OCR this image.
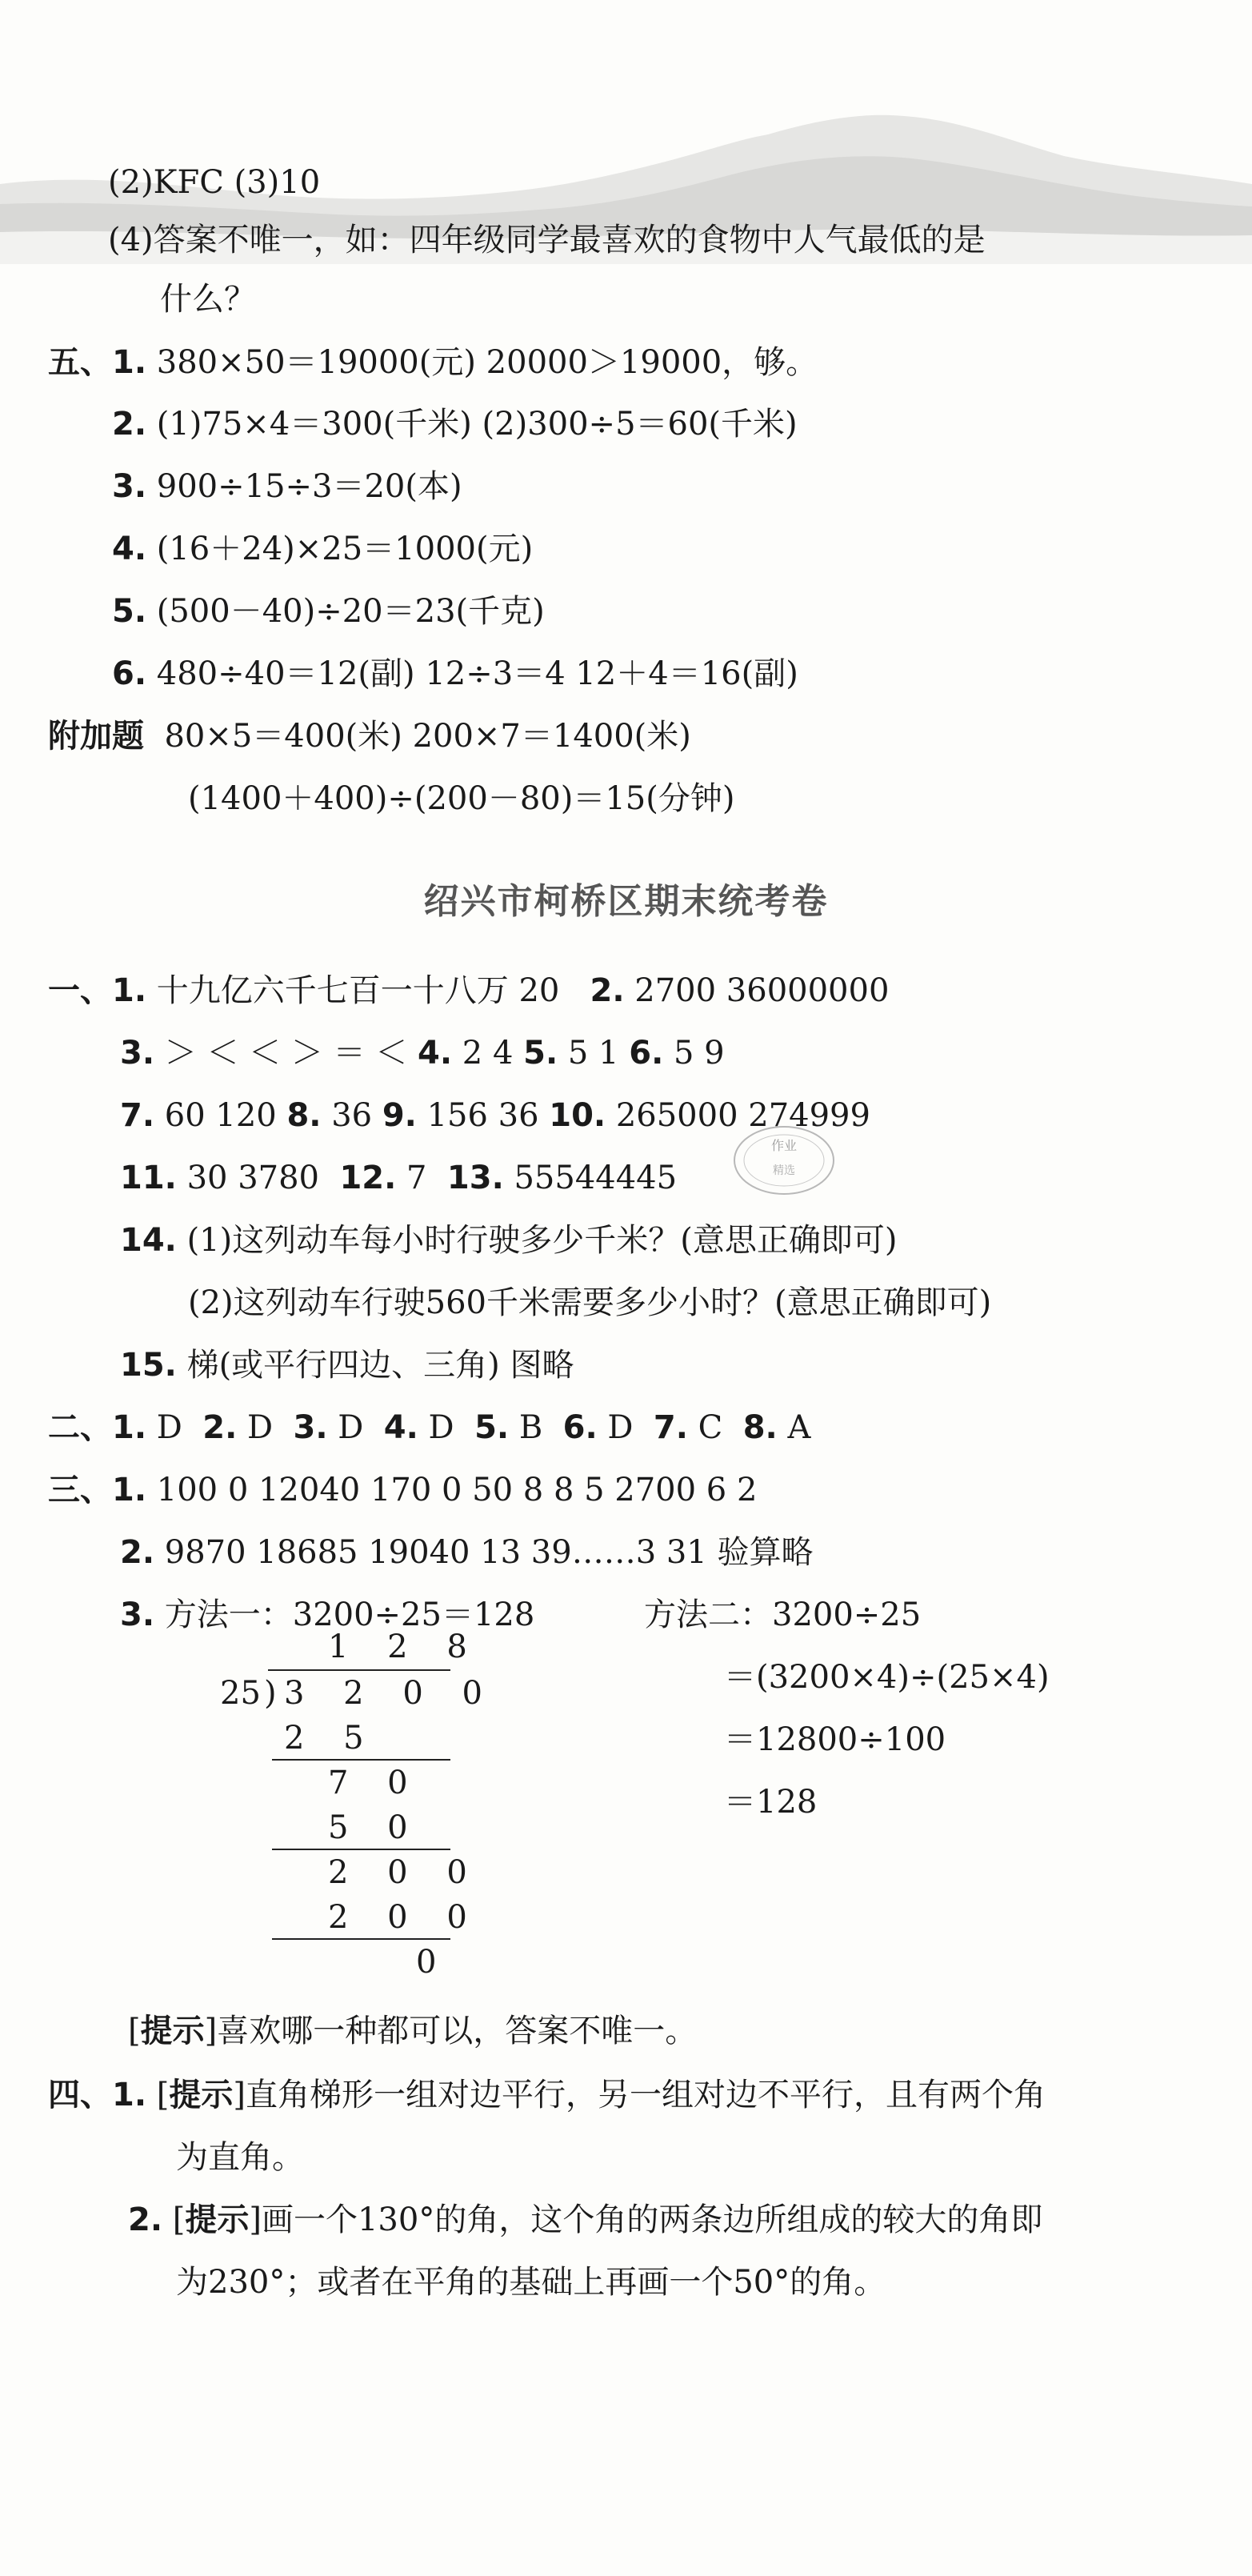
(2)KFC (3)10
(4)答案不唯一，如：四年级同学最喜欢的食物中人气最低的是
什么？
五、1. 380×50＝19000(元) 20000＞19000，够。
2. (1)75×4＝300(千米) (2)300÷5＝60(千米)
3. 900÷15÷3＝20(本)
4. (16＋24)×25＝1000(元)
5. (500－40)÷20＝23(千克)
6. 480÷40＝12(副) 12÷3＝4 12＋4＝16(副)
附加题 80×5＝400(米) 200×7＝1400(米)
(1400＋400)÷(200－80)＝15(分钟)
绍兴市柯桥区期末统考卷
一、1. 十九亿六千七百一十八万 20 2. 2700 36000000
3. ＞ ＜ ＜ ＞ ＝ ＜ 4. 2 4 5. 5 1 6. 5 9
7. 60 120 8. 36 9. 156 36 10. 265000 274999
11. 30 3780 12. 7 13. 55544445
作业
精选
14. (1)这列动车每小时行驶多少千米？(意思正确即可)
(2)这列动车行驶560千米需要多少小时？(意思正确即可)
15. 梯(或平行四边、三角) 图略
二、1. D 2. D 3. D 4. D 5. B 6. D 7. C 8. A
三、1. 100 0 12040 170 0 50 8 8 5 2700 6 2
2. 9870 18685 19040 13 39……3 31 验算略
3. 方法一：3200÷25＝128	方法二：3200÷25
＝(3200×4)÷(25×4)
＝12800÷100
＝128
1 2 8
25 ) 3 2 0 0
2 5
7 0
5 0
2 0 0
2 0 0
0
[提示]喜欢哪一种都可以，答案不唯一。
四、1. [提示]直角梯形一组对边平行，另一组对边不平行，且有两个角
为直角。
2. [提示]画一个130°的角，这个角的两条边所组成的较大的角即
为230°；或者在平角的基础上再画一个50°的角。
